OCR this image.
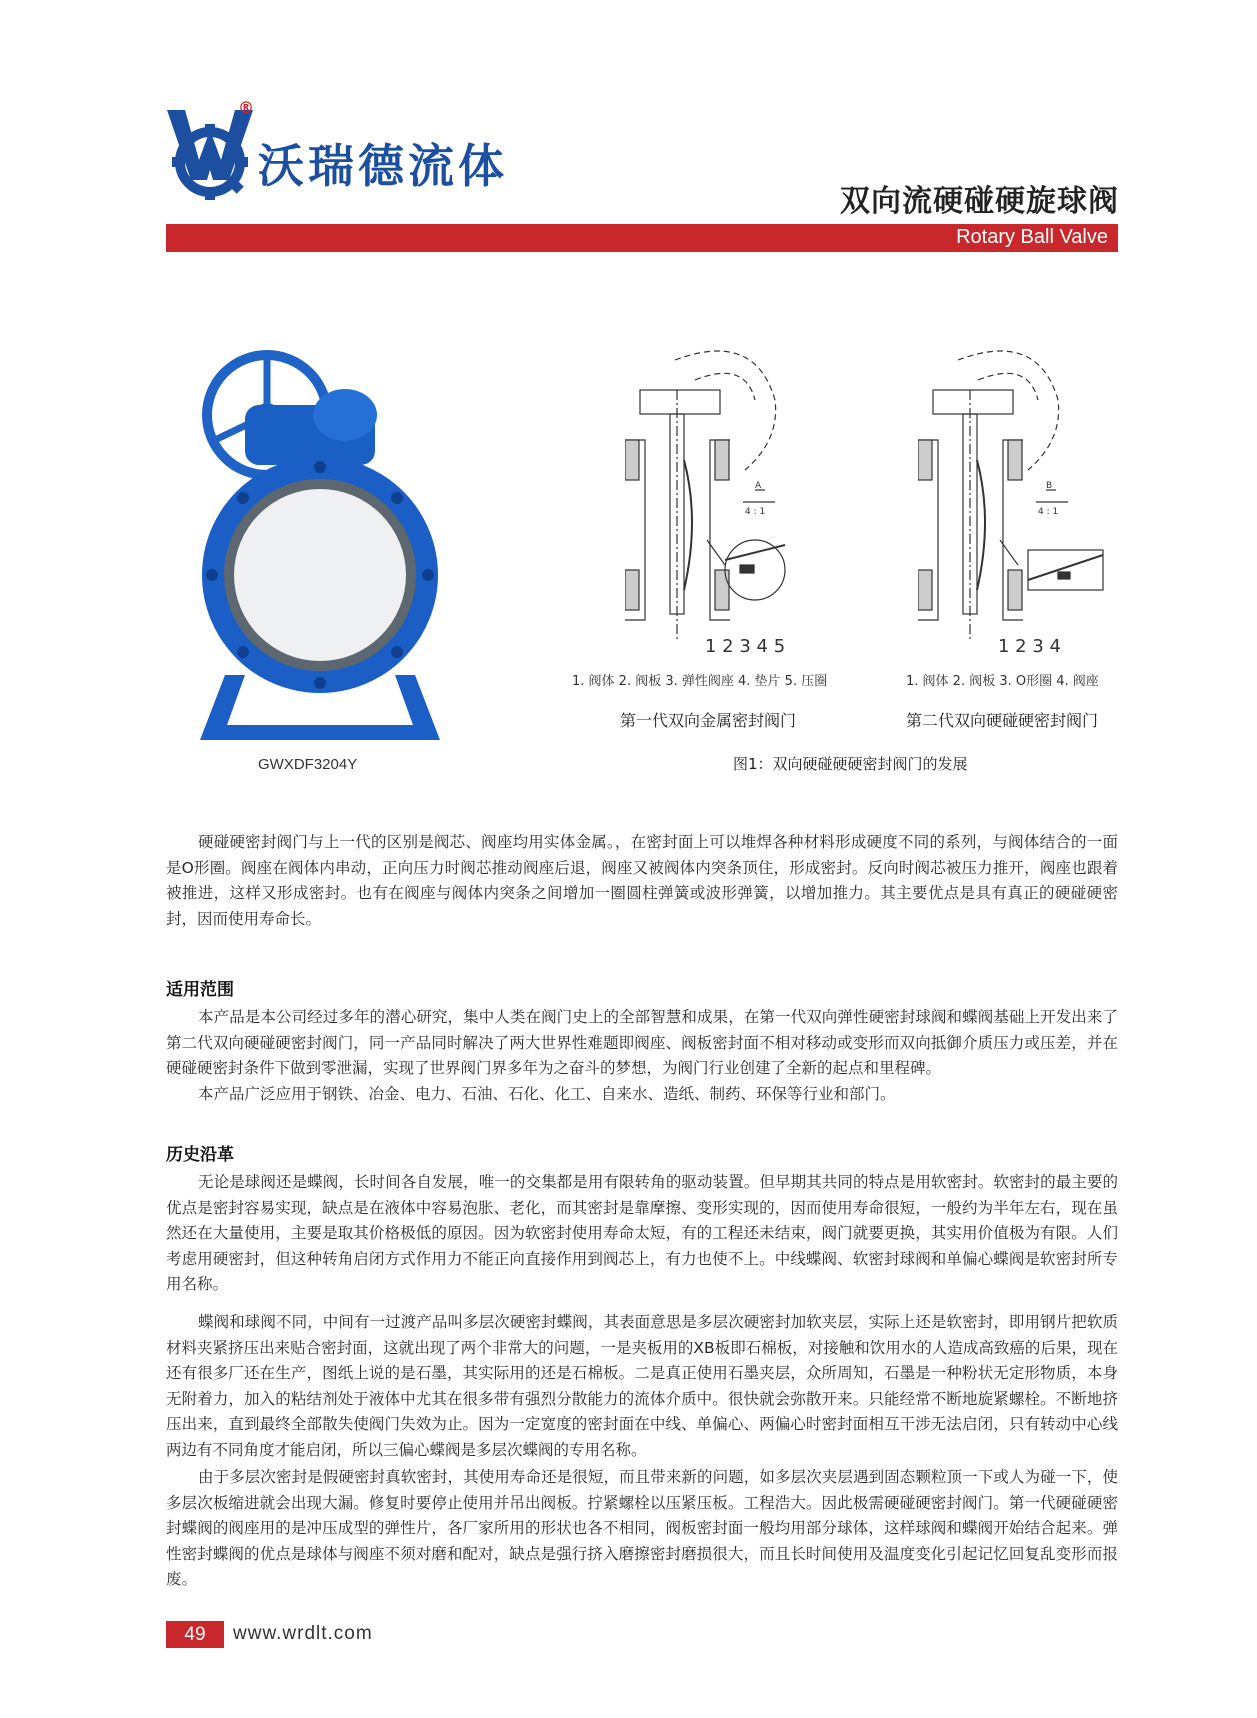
沃瑞德流体
®
双向流硬碰硬旋球阀
Rotary Ball Valve
GWXDF3204Y
A
4 : 1
1 2 3 4 5
B
4 : 1
1 2 3 4
1. 阀体 2. 阀板 3. 弹性阀座 4. 垫片 5. 压圈	1. 阀体 2. 阀板 3. O形圈 4. 阀座
第一代双向金属密封阀门	第二代双向硬碰硬密封阀门
图1：双向硬碰硬硬密封阀门的发展

硬碰硬密封阀门与上一代的区别是阀芯、阀座均用实体金属。，在密封面上可以堆焊各种材料形成硬度不同的系列，与阀体结合的一面是O形圈。阀座在阀体内串动，正向压力时阀芯推动阀座后退，阀座又被阀体内突条顶住，形成密封。反向时阀芯被压力推开，阀座也跟着被推进，这样又形成密封。也有在阀座与阀体内突条之间增加一圈圆柱弹簧或波形弹簧，以增加推力。其主要优点是具有真正的硬碰硬密封，因而使用寿命长。

适用范围

本产品是本公司经过多年的潜心研究，集中人类在阀门史上的全部智慧和成果，在第一代双向弹性硬密封球阀和蝶阀基础上开发出来了第二代双向硬碰硬密封阀门，同一产品同时解决了两大世界性难题即阀座、阀板密封面不相对移动或变形而双向抵御介质压力或压差，并在硬碰硬密封条件下做到零泄漏，实现了世界阀门界多年为之奋斗的梦想，为阀门行业创建了全新的起点和里程碑。

本产品广泛应用于钢铁、冶金、电力、石油、石化、化工、自来水、造纸、制药、环保等行业和部门。

历史沿革

无论是球阀还是蝶阀，长时间各自发展，唯一的交集都是用有限转角的驱动装置。但早期其共同的特点是用软密封。软密封的最主要的优点是密封容易实现，缺点是在液体中容易泡胀、老化，而其密封是靠摩擦、变形实现的，因而使用寿命很短，一般约为半年左右，现在虽然还在大量使用，主要是取其价格极低的原因。因为软密封使用寿命太短，有的工程还未结束，阀门就要更换，其实用价值极为有限。人们考虑用硬密封，但这种转角启闭方式作用力不能正向直接作用到阀芯上，有力也使不上。中线蝶阀、软密封球阀和单偏心蝶阀是软密封所专用名称。

蝶阀和球阀不同，中间有一过渡产品叫多层次硬密封蝶阀，其表面意思是多层次硬密封加软夹层，实际上还是软密封，即用钢片把软质材料夹紧挤压出来贴合密封面，这就出现了两个非常大的问题，一是夹板用的XB板即石棉板，对接触和饮用水的人造成高致癌的后果，现在还有很多厂还在生产，图纸上说的是石墨，其实际用的还是石棉板。二是真正使用石墨夹层，众所周知，石墨是一种粉状无定形物质，本身无附着力，加入的粘结剂处于液体中尤其在很多带有强烈分散能力的流体介质中。很快就会弥散开来。只能经常不断地旋紧螺栓。不断地挤压出来，直到最终全部散失使阀门失效为止。因为一定宽度的密封面在中线、单偏心、两偏心时密封面相互干涉无法启闭，只有转动中心线两边有不同角度才能启闭，所以三偏心蝶阀是多层次蝶阀的专用名称。

由于多层次密封是假硬密封真软密封，其使用寿命还是很短，而且带来新的问题，如多层次夹层遇到固态颗粒顶一下或人为碰一下，使多层次板缩进就会出现大漏。修复时要停止使用并吊出阀板。拧紧螺栓以压紧压板。工程浩大。因此极需硬碰硬密封阀门。第一代硬碰硬密封蝶阀的阀座用的是冲压成型的弹性片，各厂家所用的形状也各不相同，阀板密封面一般均用部分球体，这样球阀和蝶阀开始结合起来。弹性密封蝶阀的优点是球体与阀座不须对磨和配对，缺点是强行挤入磨擦密封磨损很大，而且长时间使用及温度变化引起记忆回复乱变形而报废。

49	www.wrdlt.com
